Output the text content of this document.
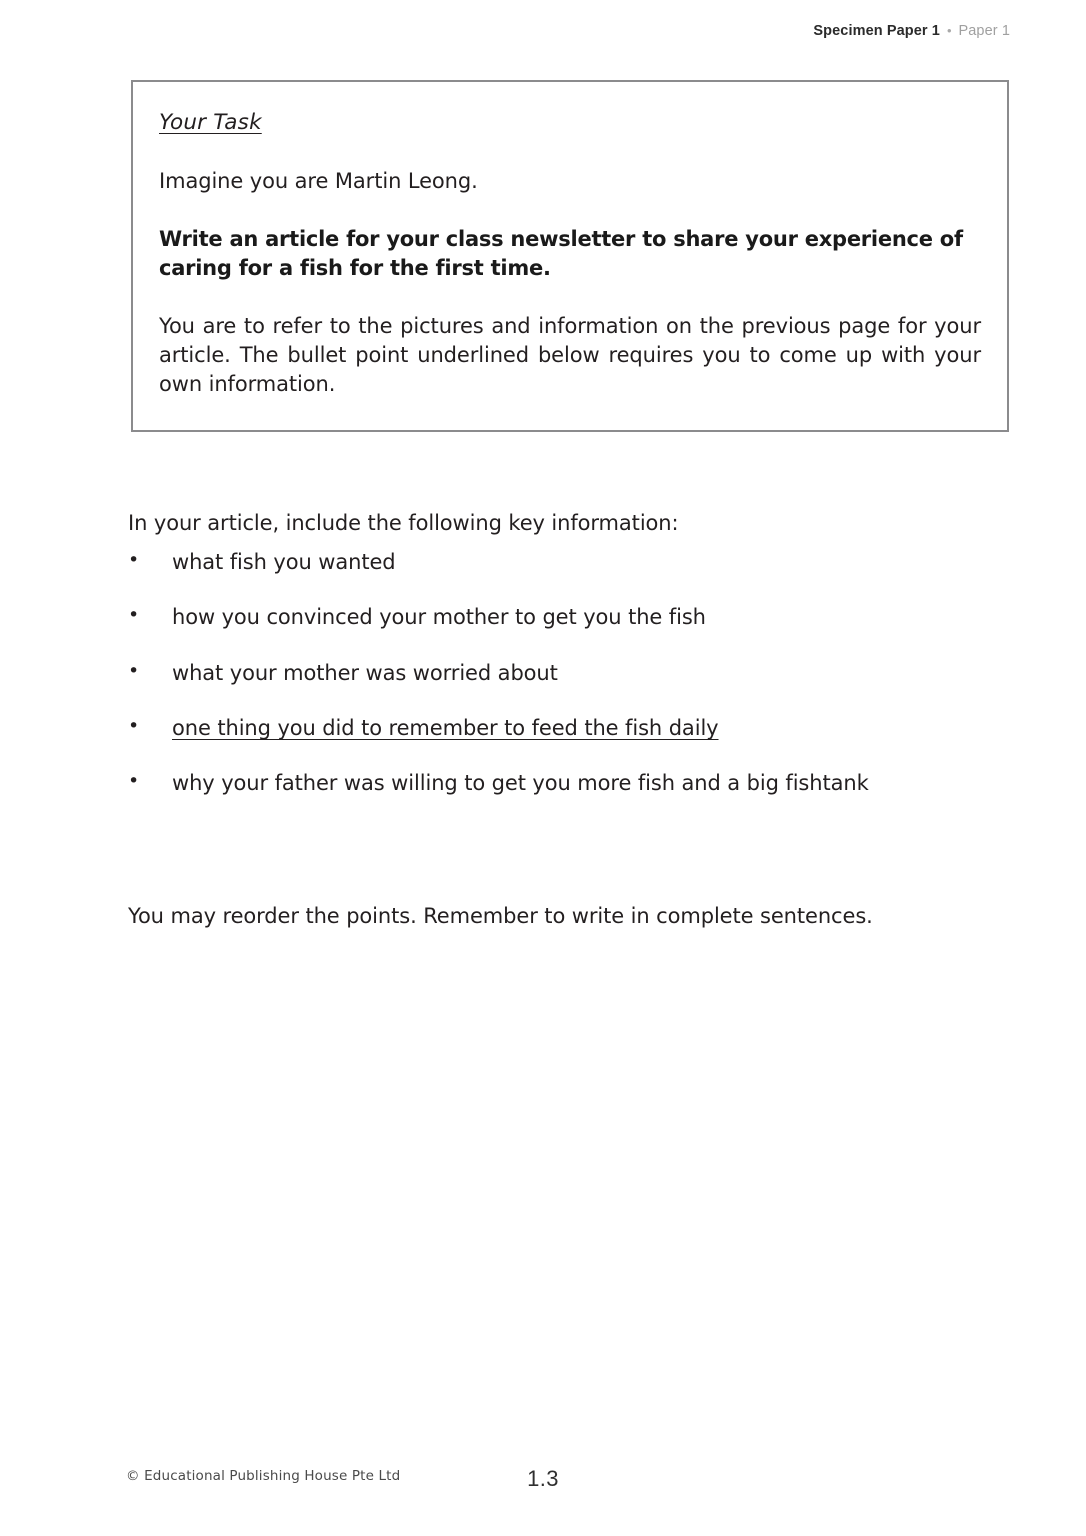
Specimen Paper 1 • Paper 1
Your Task

Imagine you are Martin Leong.

Write an article for your class newsletter to share your experience of caring for a fish for the first time.

You are to refer to the pictures and information on the previous page for your article. The bullet point underlined below requires you to come up with your own information.

In your article, include the following key information:

•	what fish you wanted
•	how you convinced your mother to get you the fish
•	what your mother was worried about
•	one thing you did to remember to feed the fish daily
•	why your father was willing to get you more fish and a big fishtank

You may reorder the points. Remember to write in complete sentences.

© Educational Publishing House Pte Ltd	1.3
